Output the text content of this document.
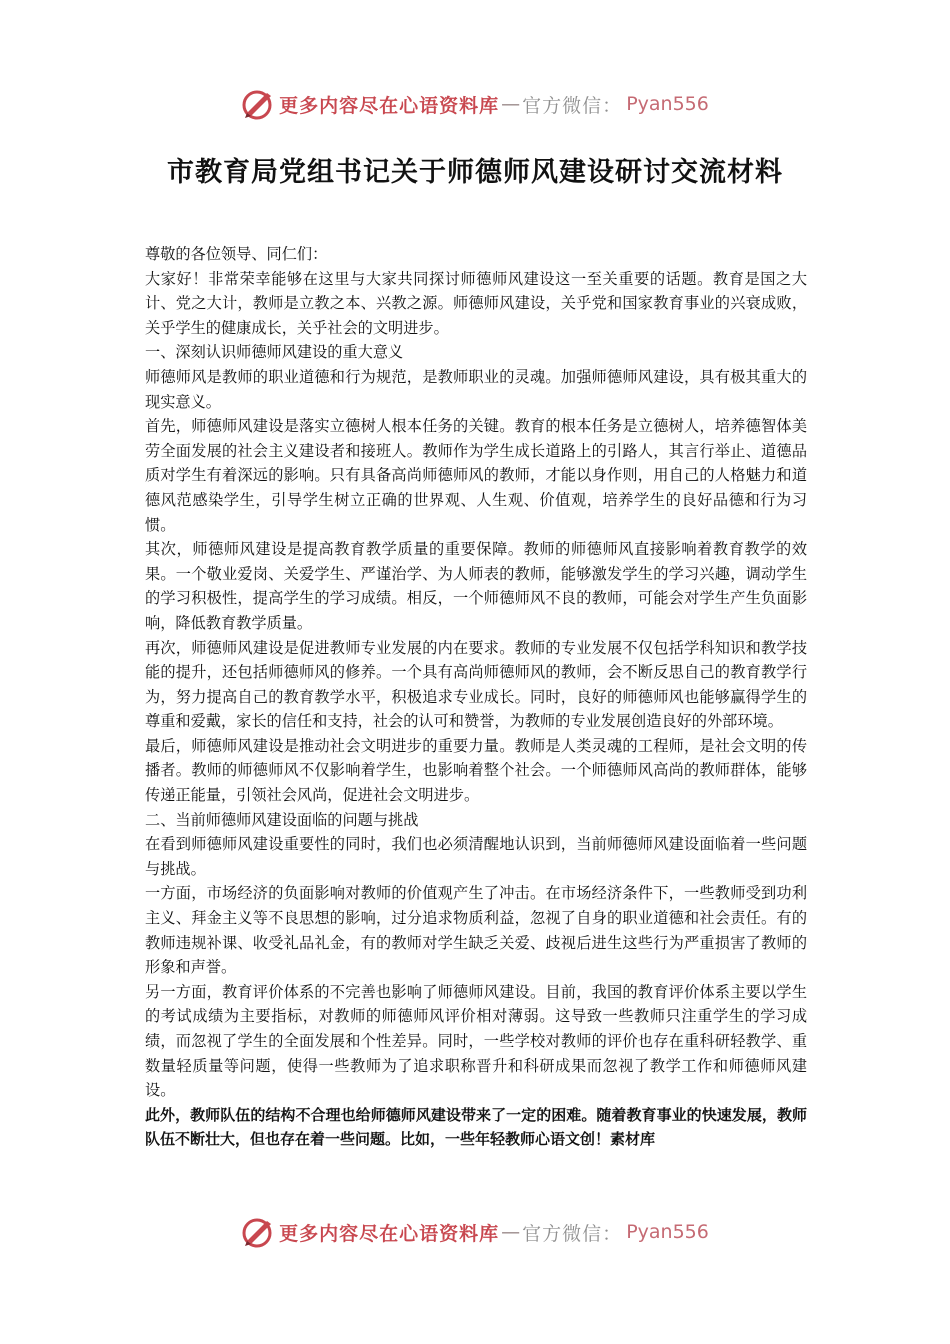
更多内容尽在心语资料库 — 官方微信： Pyan556
市教育局党组书记关于师德师风建设研讨交流材料

尊敬的各位领导、同仁们：

大家好！非常荣幸能够在这里与大家共同探讨师德师风建设这一至关重要的话题。教育是国之大计、党之大计，教师是立教之本、兴教之源。师德师风建设，关乎党和国家教育事业的兴衰成败，关乎学生的健康成长，关乎社会的文明进步。

一、深刻认识师德师风建设的重大意义

师德师风是教师的职业道德和行为规范，是教师职业的灵魂。加强师德师风建设，具有极其重大的现实意义。

首先，师德师风建设是落实立德树人根本任务的关键。教育的根本任务是立德树人，培养德智体美劳全面发展的社会主义建设者和接班人。教师作为学生成长道路上的引路人，其言行举止、道德品质对学生有着深远的影响。只有具备高尚师德师风的教师，才能以身作则，用自己的人格魅力和道德风范感染学生，引导学生树立正确的世界观、人生观、价值观，培养学生的良好品德和行为习惯。

其次，师德师风建设是提高教育教学质量的重要保障。教师的师德师风直接影响着教育教学的效果。一个敬业爱岗、关爱学生、严谨治学、为人师表的教师，能够激发学生的学习兴趣，调动学生的学习积极性，提高学生的学习成绩。相反，一个师德师风不良的教师，可能会对学生产生负面影响，降低教育教学质量。

再次，师德师风建设是促进教师专业发展的内在要求。教师的专业发展不仅包括学科知识和教学技能的提升，还包括师德师风的修养。一个具有高尚师德师风的教师，会不断反思自己的教育教学行为，努力提高自己的教育教学水平，积极追求专业成长。同时，良好的师德师风也能够赢得学生的尊重和爱戴，家长的信任和支持，社会的认可和赞誉，为教师的专业发展创造良好的外部环境。

最后，师德师风建设是推动社会文明进步的重要力量。教师是人类灵魂的工程师，是社会文明的传播者。教师的师德师风不仅影响着学生，也影响着整个社会。一个师德师风高尚的教师群体，能够传递正能量，引领社会风尚，促进社会文明进步。

二、当前师德师风建设面临的问题与挑战

在看到师德师风建设重要性的同时，我们也必须清醒地认识到，当前师德师风建设面临着一些问题与挑战。

一方面，市场经济的负面影响对教师的价值观产生了冲击。在市场经济条件下，一些教师受到功利主义、拜金主义等不良思想的影响，过分追求物质利益，忽视了自身的职业道德和社会责任。有的教师违规补课、收受礼品礼金，有的教师对学生缺乏关爱、歧视后进生这些行为严重损害了教师的形象和声誉。

另一方面，教育评价体系的不完善也影响了师德师风建设。目前，我国的教育评价体系主要以学生的考试成绩为主要指标，对教师的师德师风评价相对薄弱。这导致一些教师只注重学生的学习成绩，而忽视了学生的全面发展和个性差异。同时，一些学校对教师的评价也存在重科研轻教学、重数量轻质量等问题，使得一些教师为了追求职称晋升和科研成果而忽视了教学工作和师德师风建设。

此外，教师队伍的结构不合理也给师德师风建设带来了一定的困难。随着教育事业的快速发展，教师队伍不断壮大，但也存在着一些问题。比如，一些年轻教师心语文创！素材库

更多内容尽在心语资料库 — 官方微信： Pyan556
